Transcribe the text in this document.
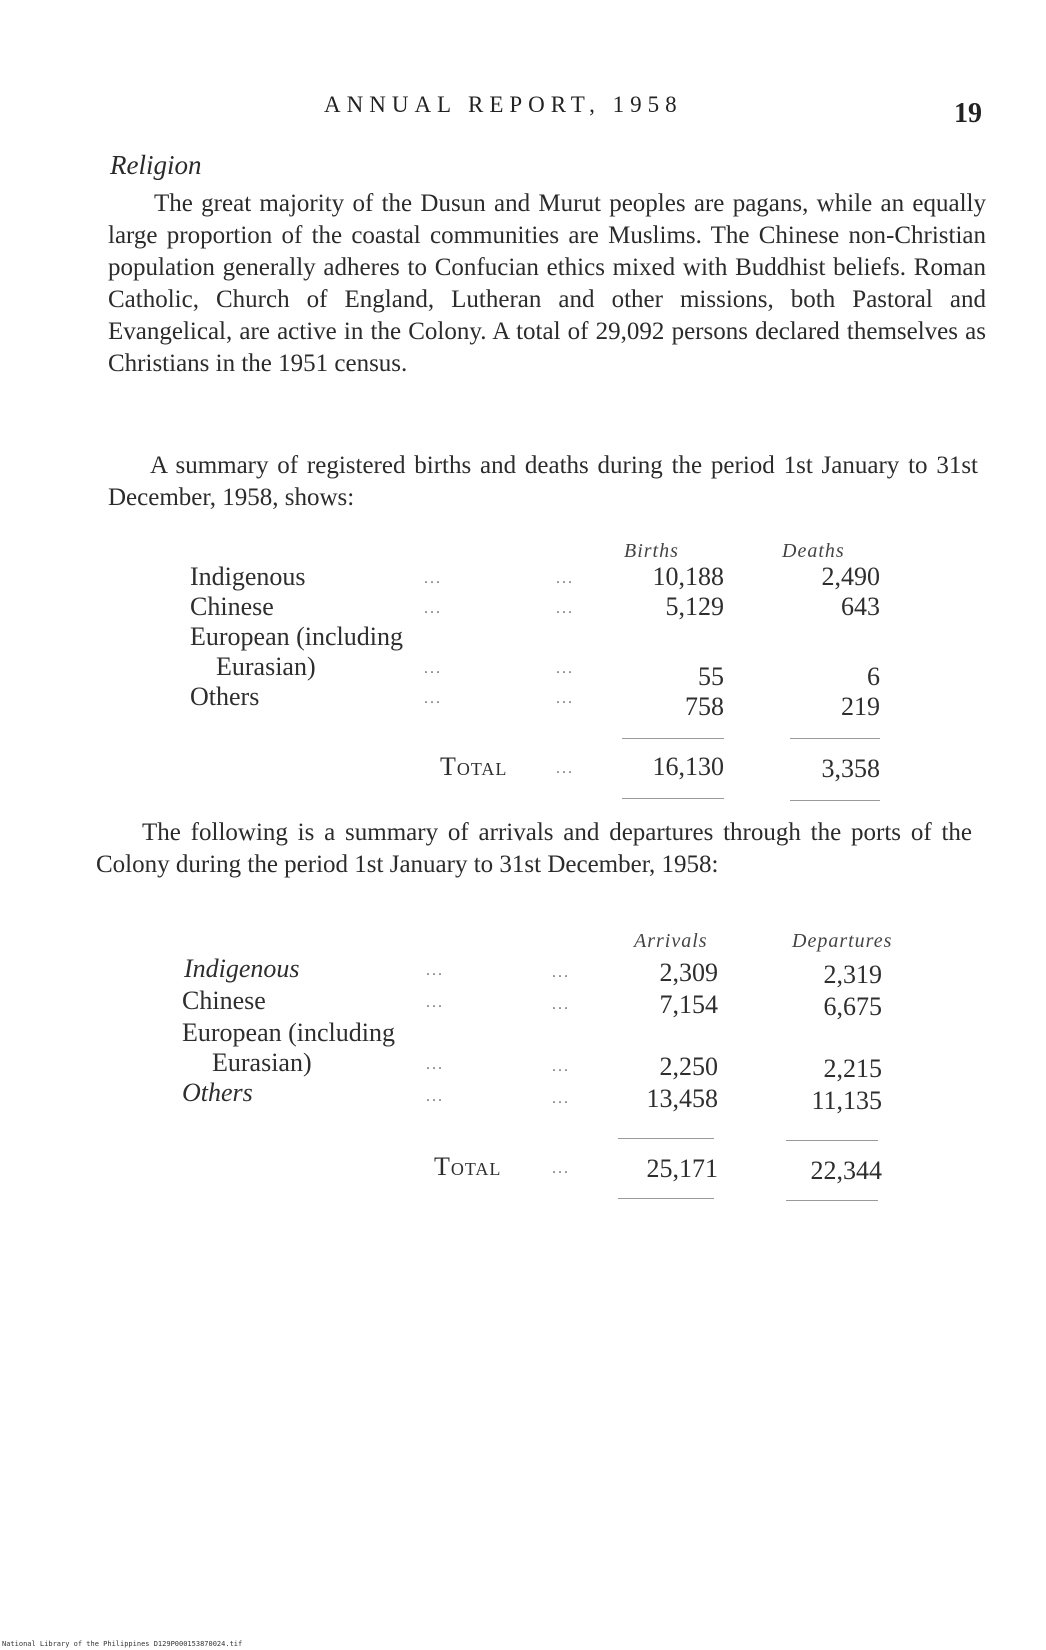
ANNUAL REPORT, 1958	19
Religion
The great majority of the Dusun and Murut peoples are pagans, while an equally large proportion of the coastal communities are Muslims. The Chinese non-Christian population generally adheres to Confucian ethics mixed with Buddhist beliefs. Roman Catholic, Church of England, Lutheran and other missions, both Pastoral and Evangelical, are active in the Colony. A total of 29,092 persons declared themselves as Christians in the 1951 census.
A summary of registered births and deaths during the period 1st January to 31st December, 1958, shows:
Births	Deaths
Indigenous	...	...	10,188	2,490
Chinese	...	...	5,129	643
European (including
Eurasian)	...	...	55	6
Others	...	...	758	219
Total	...	16,130	3,358
The following is a summary of arrivals and departures through the ports of the Colony during the period 1st January to 31st December, 1958:
Arrivals	Departures
Indigenous	...	...	2,309	2,319
Chinese	...	...	7,154	6,675
European (including
Eurasian)	...	...	2,250	2,215
Others	...	...	13,458	11,135
Total	...	25,171	22,344
National Library of the Philippines D129P000153870024.tif
